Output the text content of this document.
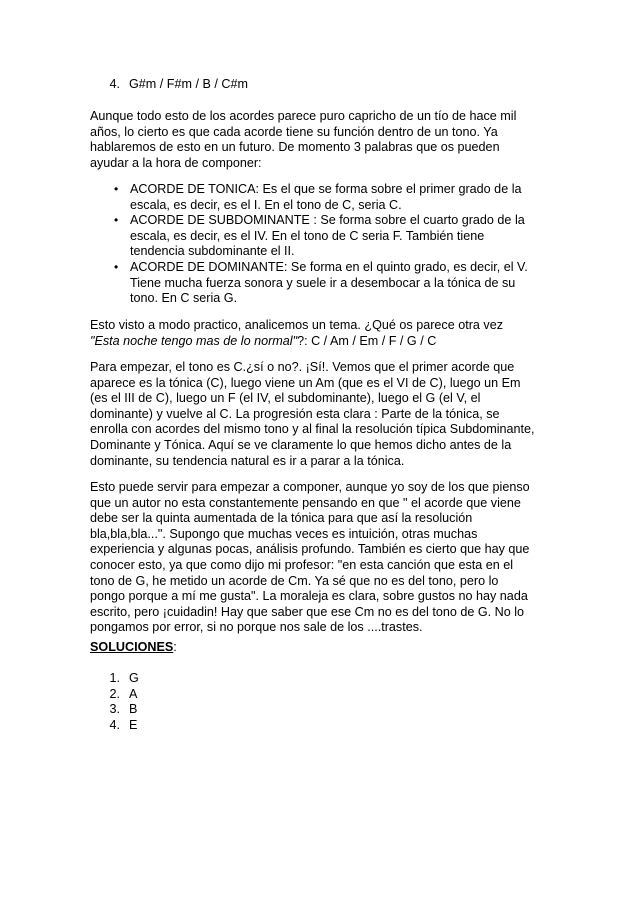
4. G#m / F#m / B / C#m
Aunque todo esto de los acordes parece puro capricho de un tío de hace mil
años, lo cierto es que cada acorde tiene su función dentro de un tono. Ya
hablaremos de esto en un futuro. De momento 3 palabras que os pueden
ayudar a la hora de componer:
• ACORDE DE TONICA: Es el que se forma sobre el primer grado de la
escala, es decir, es el I. En el tono de C, seria C.
• ACORDE DE SUBDOMINANTE : Se forma sobre el cuarto grado de la
escala, es decir, es el IV. En el tono de C seria F. También tiene
tendencia subdominante el II.
• ACORDE DE DOMINANTE: Se forma en el quinto grado, es decir, el V.
Tiene mucha fuerza sonora y suele ir a desembocar a la tónica de su
tono. En C seria G.
Esto visto a modo practico, analicemos un tema. ¿Qué os parece otra vez
"Esta noche tengo mas de lo normal"?: C / Am / Em / F / G / C
Para empezar, el tono es C.¿sí o no?. ¡Sí!. Vemos que el primer acorde que
aparece es la tónica (C), luego viene un Am (que es el VI de C), luego un Em
(es el III de C), luego un F (el IV, el subdominante), luego el G (el V, el
dominante) y vuelve al C. La progresión esta clara : Parte de la tónica, se
enrolla con acordes del mismo tono y al final la resolución típica Subdominante,
Dominante y Tónica. Aquí se ve claramente lo que hemos dicho antes de la
dominante, su tendencia natural es ir a parar a la tónica.
Esto puede servir para empezar a componer, aunque yo soy de los que pienso
que un autor no esta constantemente pensando en que " el acorde que viene
debe ser la quinta aumentada de la tónica para que así la resolución
bla,bla,bla...". Supongo que muchas veces es intuición, otras muchas
experiencia y algunas pocas, análisis profundo. También es cierto que hay que
conocer esto, ya que como dijo mi profesor: "en esta canción que esta en el
tono de G, he metido un acorde de Cm. Ya sé que no es del tono, pero lo
pongo porque a mí me gusta". La moraleja es clara, sobre gustos no hay nada
escrito, pero ¡cuidadin! Hay que saber que ese Cm no es del tono de G. No lo
pongamos por error, si no porque nos sale de los ....trastes.
SOLUCIONES:
1. G
2. A
3. B
4. E
